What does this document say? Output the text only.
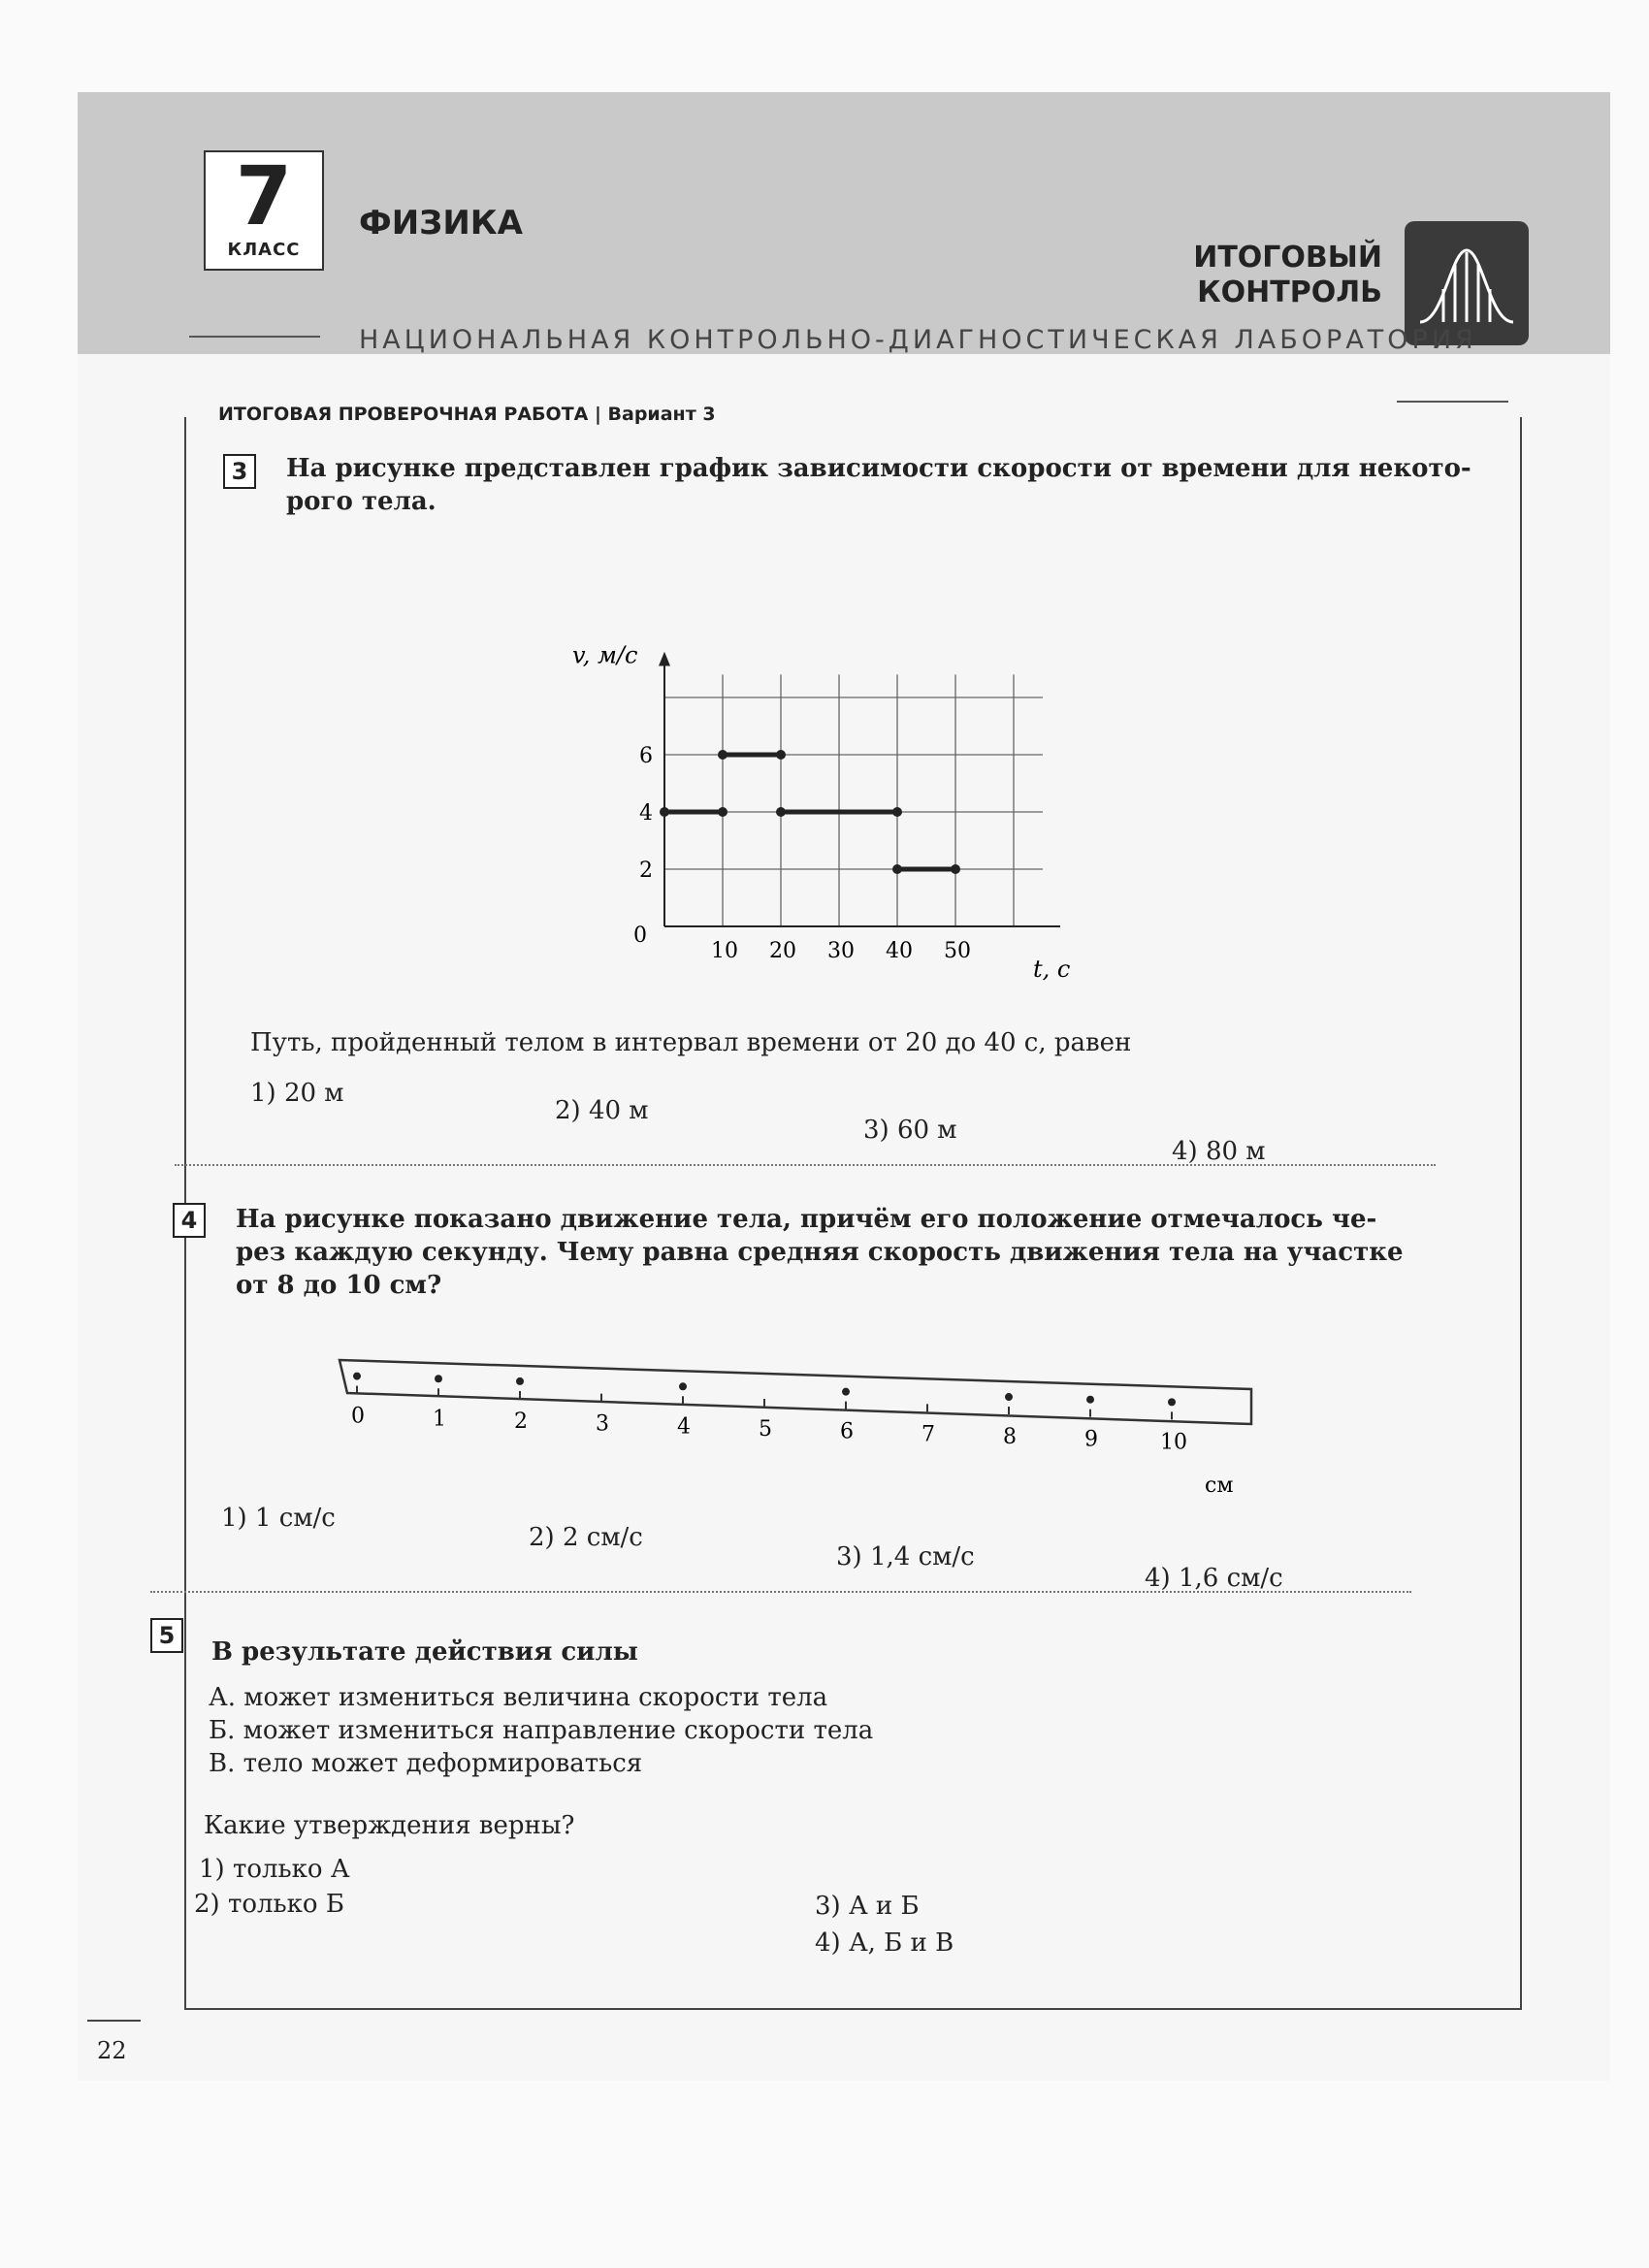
7
КЛАСС
ФИЗИКА
ИТОГОВЫЙ
КОНТРОЛЬ
НАЦИОНАЛЬНАЯ КОНТРОЛЬНО-ДИАГНОСТИЧЕСКАЯ ЛАБОРАТОРИЯ
ИТОГОВАЯ ПРОВЕРОЧНАЯ РАБОТА | Вариант 3
3	На рисунке представлен график зависимости скорости от времени для некото-
рого тела.
v, м/с
t, с
10 20 30 40 50
0
2
4
6
Путь, пройденный телом в интервал времени от 20 до 40 с, равен
1) 20 м
2) 40 м
3) 60 м
4) 80 м
4	На рисунке показано движение тела, причём его положение отмечалось че-
рез каждую секунду. Чему равна средняя скорость движения тела на участке
от 8 до 10 см?
0	1	2	3	4	5	6	7	8	9	10
см
1) 1 см/с
2) 2 см/с
3) 1,4 см/с
4) 1,6 см/с
5
В результате действия силы
А. может измениться величина скорости тела
Б. может измениться направление скорости тела
В. тело может деформироваться
Какие утверждения верны?
1) только А
2) только Б	3) А и Б
4) А, Б и В
22
